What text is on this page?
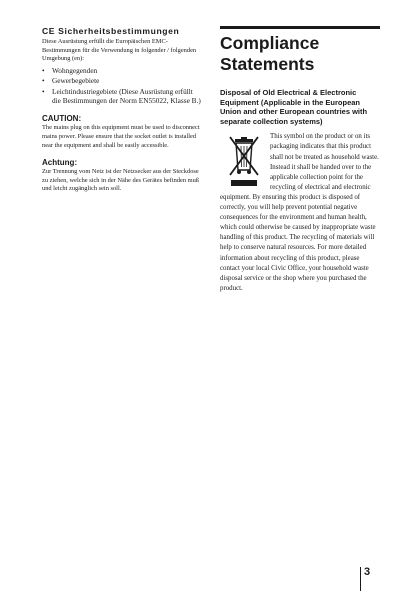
CE Sicherheitsbestimmungen

Diese Ausrüstung erfüllt die Europäischen EMC-Bestimmungen für die Verwendung in folgender / folgenden Umgebung (en):

• Wohngegenden
• Gewerbegebiete
• Leichtindustriegebiete (Diese Ausrüstung erfüllt die Bestimmungen der Norm EN55022, Klasse B.)

CAUTION:

The mains plug on this equipment must be used to disconnect mains power. Please ensure that the socket outlet is installed near the equipment and shall be easily accessible.

Achtung:

Zur Trennung vom Netz ist der Netzsecker aus der Steckdose zu ziehen, welche sich in der Nähe des Gerätes befinden muß und leicht zugänglich sein soll.

Compliance Statements

Disposal of Old Electrical & Electronic Equipment (Applicable in the European Union and other European countries with separate collection systems)

This symbol on the product or on its packaging indicates that this product shall not be treated as household waste. Instead it shall be handed over to the applicable collection point for the recycling of electrical and electronic equipment. By ensuring this product is disposed of correctly, you will help prevent potential negative consequences for the environment and human health, which could otherwise be caused by inappropriate waste handling of this product. The recycling of materials will help to conserve natural resources. For more detailed information about recycling of this product, please contact your local Civic Office, your household waste disposal service or the shop where you purchased the product.

3
